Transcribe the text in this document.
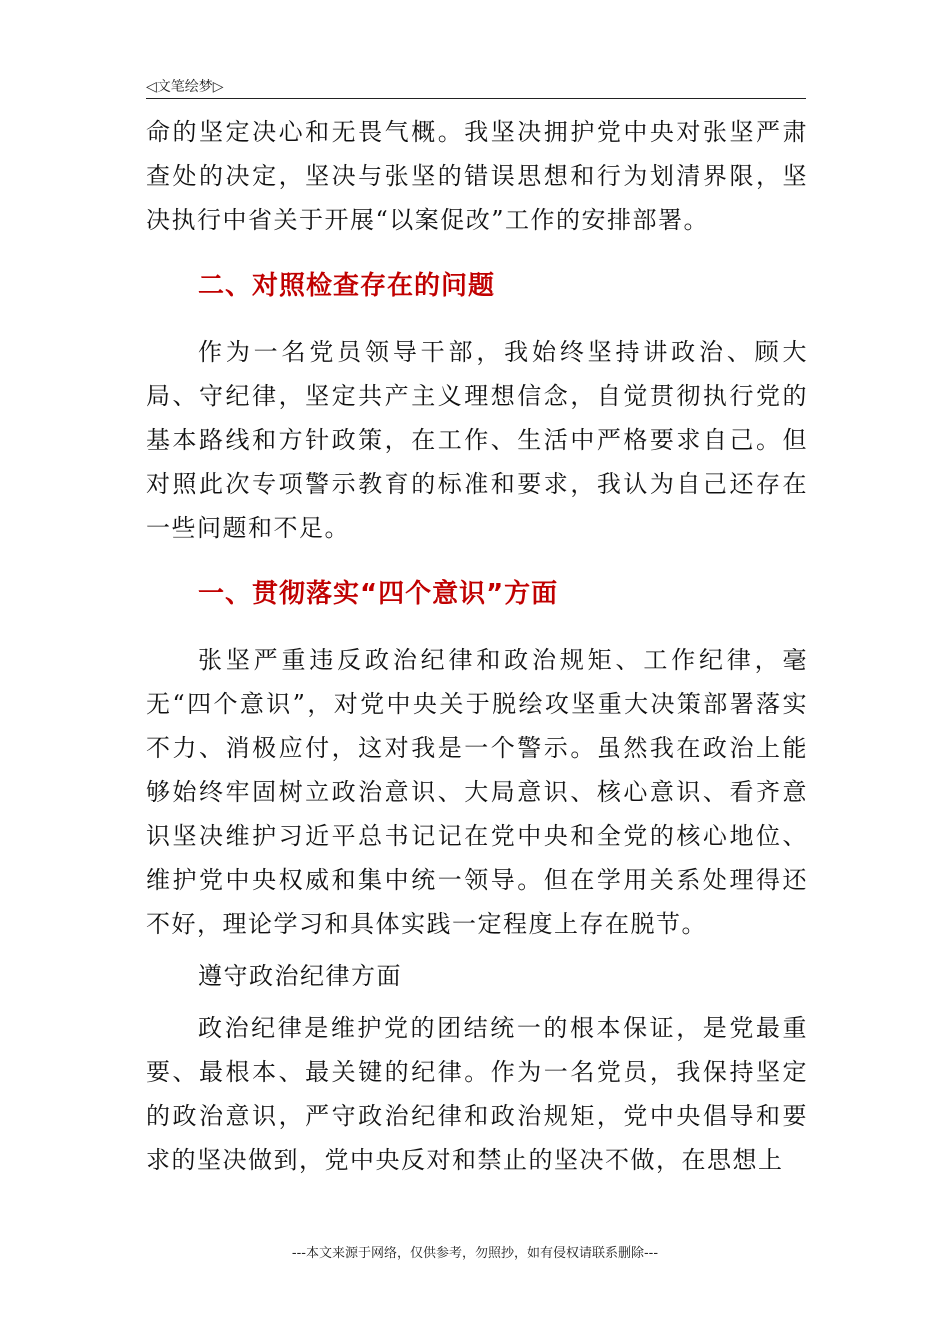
◁文笔绘梦▷

命的坚定决心和无畏气概。我坚决拥护党中央对张坚严肃查处的决定，坚决与张坚的错误思想和行为划清界限，坚决执行中省关于开展“以案促改”工作的安排部署。

二、对照检查存在的问题

作为一名党员领导干部，我始终坚持讲政治、顾大局、守纪律，坚定共产主义理想信念，自觉贯彻执行党的基本路线和方针政策，在工作、生活中严格要求自己。但对照此次专项警示教育的标准和要求，我认为自己还存在一些问题和不足。

一、贯彻落实“四个意识”方面

张坚严重违反政治纪律和政治规矩、工作纪律，毫无“四个意识”，对党中央关于脱绘攻坚重大决策部署落实不力、消极应付，这对我是一个警示。虽然我在政治上能够始终牢固树立政治意识、大局意识、核心意识、看齐意识坚决维护习近平总书记记在党中央和全党的核心地位、维护党中央权威和集中统一领导。但在学用关系处理得还不好，理论学习和具体实践一定程度上存在脱节。

遵守政治纪律方面

政治纪律是维护党的团结统一的根本保证，是党最重要、最根本、最关键的纪律。作为一名党员，我保持坚定的政治意识，严守政治纪律和政治规矩，党中央倡导和要求的坚决做到，党中央反对和禁止的坚决不做，在思想上

---本文来源于网络，仅供参考，勿照抄，如有侵权请联系删除---
